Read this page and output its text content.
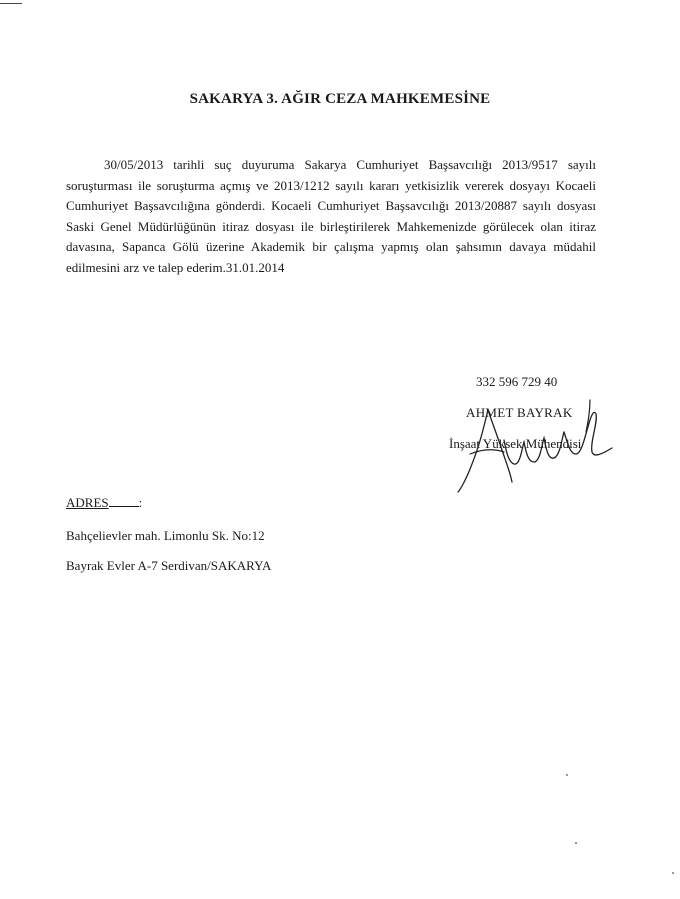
SAKARYA 3. AĞIR CEZA MAHKEMESİNE

30/05/2013 tarihli suç duyuruma Sakarya Cumhuriyet Başsavcılığı 2013/9517 sayılı soruşturması ile soruşturma açmış ve 2013/1212 sayılı kararı yetkisizlik vererek dosyayı Kocaeli Cumhuriyet Başsavcılığına gönderdi. Kocaeli Cumhuriyet Başsavcılığı 2013/20887 sayılı dosyası Saski Genel Müdürlüğünün itiraz dosyası ile birleştirilerek Mahkemenizde görülecek olan itiraz davasına, Sapanca Gölü üzerine Akademik bir çalışma yapmış olan şahsımın davaya müdahil edilmesini arz ve talep ederim.31.01.2014

332 596 729 40
AHMET BAYRAK
İnşaat Yüksek Mühendisi
ADRES :
Bahçelievler mah. Limonlu Sk. No:12
Bayrak Evler A-7 Serdivan/SAKARYA
